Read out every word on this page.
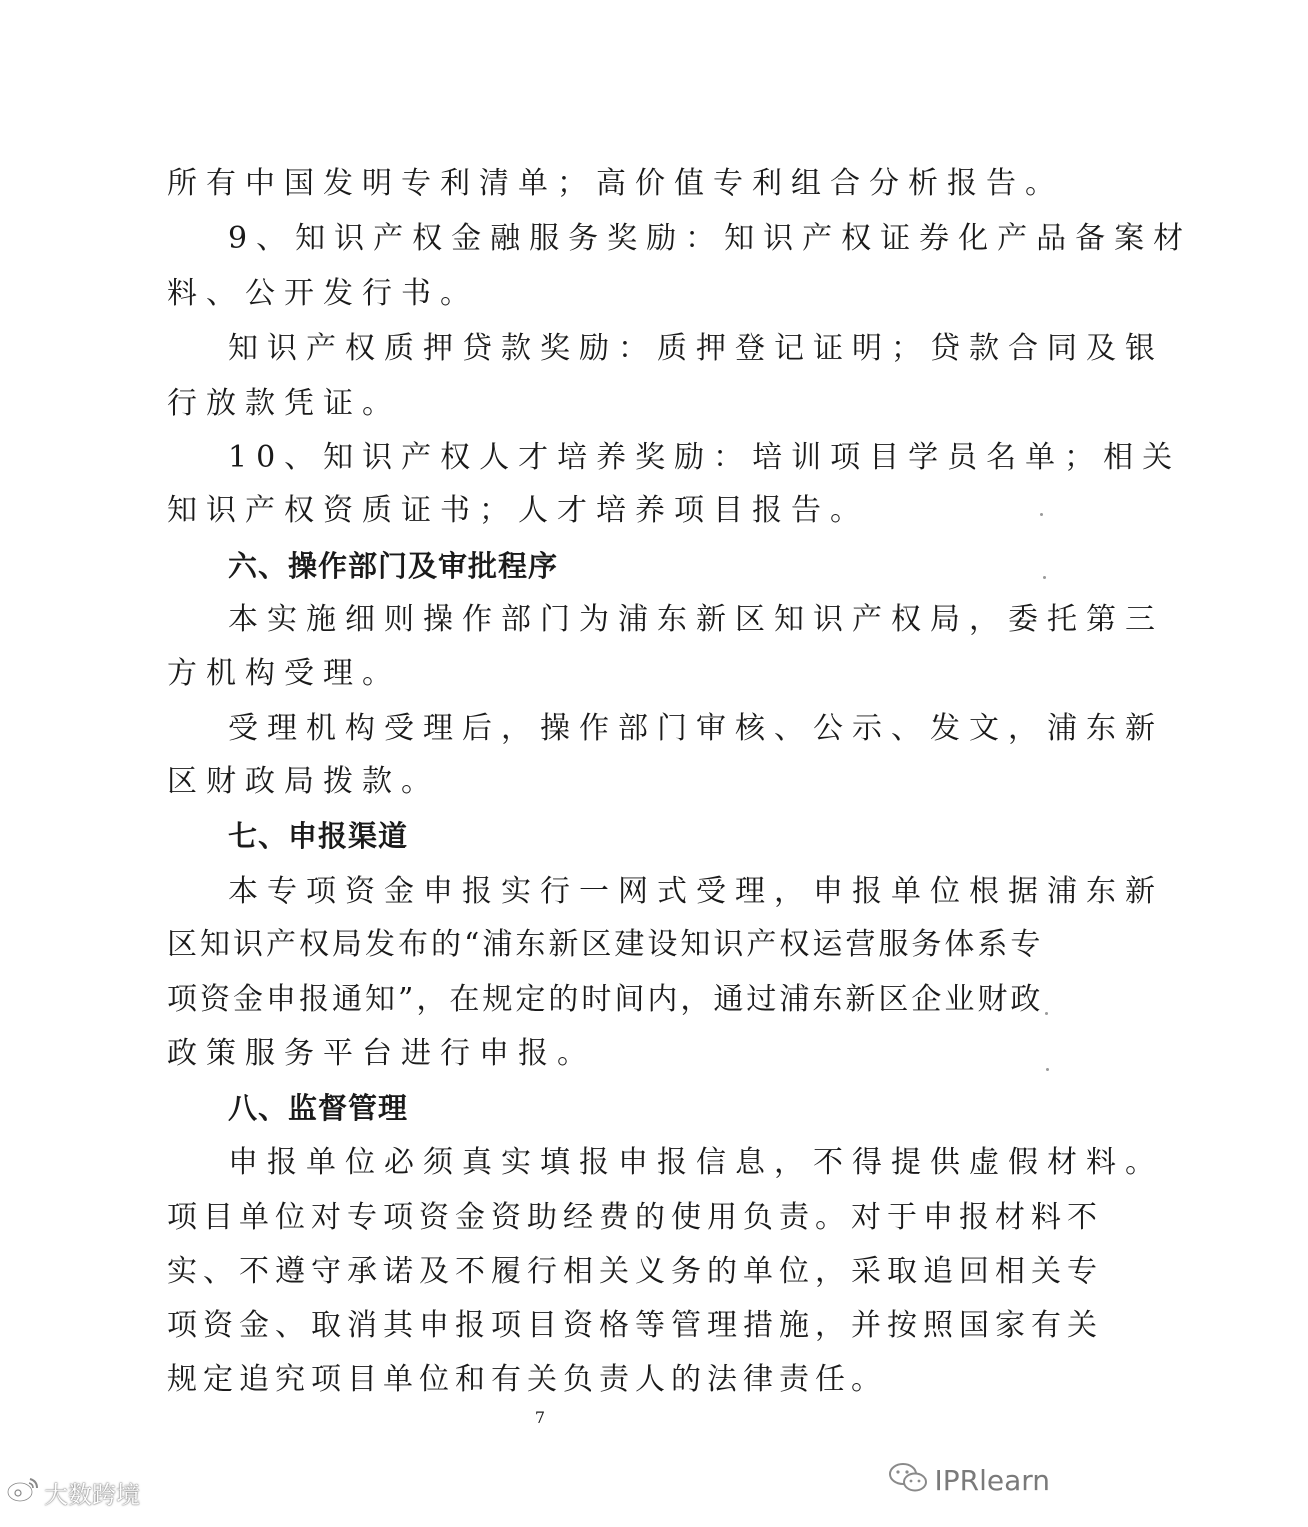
所有中国发明专利清单；高价值专利组合分析报告。
9、知识产权金融服务奖励：知识产权证券化产品备案材
料、公开发行书。
知识产权质押贷款奖励：质押登记证明；贷款合同及银
行放款凭证。
10、知识产权人才培养奖励：培训项目学员名单；相关
知识产权资质证书；人才培养项目报告。
六、操作部门及审批程序
本实施细则操作部门为浦东新区知识产权局，委托第三
方机构受理。
受理机构受理后，操作部门审核、公示、发文，浦东新
区财政局拨款。
七、申报渠道
本专项资金申报实行一网式受理，申报单位根据浦东新
区知识产权局发布的“浦东新区建设知识产权运营服务体系专
项资金申报通知”，在规定的时间内，通过浦东新区企业财政
政策服务平台进行申报。
八、监督管理
申报单位必须真实填报申报信息，不得提供虚假材料。
项目单位对专项资金资助经费的使用负责。对于申报材料不
实、不遵守承诺及不履行相关义务的单位，采取追回相关专
项资金、取消其申报项目资格等管理措施，并按照国家有关
规定追究项目单位和有关负责人的法律责任。
7
大数跨境	IPRlearn
